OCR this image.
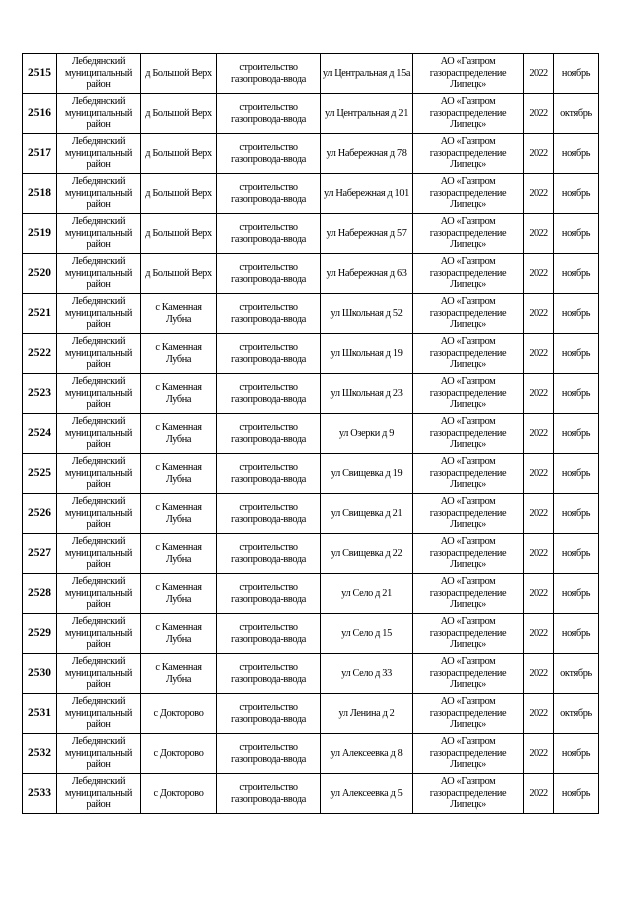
2515	Лебедянский муниципальный район	д Большой Верх	строительство газопровода-ввода	ул Центральная д 15а	АО «Газпром газораспределение Липецк»	2022	ноябрь
2516	Лебедянский муниципальный район	д Большой Верх	строительство газопровода-ввода	ул Центральная д 21	АО «Газпром газораспределение Липецк»	2022	октябрь
2517	Лебедянский муниципальный район	д Большой Верх	строительство газопровода-ввода	ул Набережная д 78	АО «Газпром газораспределение Липецк»	2022	ноябрь
2518	Лебедянский муниципальный район	д Большой Верх	строительство газопровода-ввода	ул Набережная д 101	АО «Газпром газораспределение Липецк»	2022	ноябрь
2519	Лебедянский муниципальный район	д Большой Верх	строительство газопровода-ввода	ул Набережная д 57	АО «Газпром газораспределение Липецк»	2022	ноябрь
2520	Лебедянский муниципальный район	д Большой Верх	строительство газопровода-ввода	ул Набережная д 63	АО «Газпром газораспределение Липецк»	2022	ноябрь
2521	Лебедянский муниципальный район	с Каменная Лубна	строительство газопровода-ввода	ул Школьная д 52	АО «Газпром газораспределение Липецк»	2022	ноябрь
2522	Лебедянский муниципальный район	с Каменная Лубна	строительство газопровода-ввода	ул Школьная д 19	АО «Газпром газораспределение Липецк»	2022	ноябрь
2523	Лебедянский муниципальный район	с Каменная Лубна	строительство газопровода-ввода	ул Школьная д 23	АО «Газпром газораспределение Липецк»	2022	ноябрь
2524	Лебедянский муниципальный район	с Каменная Лубна	строительство газопровода-ввода	ул Озерки д 9	АО «Газпром газораспределение Липецк»	2022	ноябрь
2525	Лебедянский муниципальный район	с Каменная Лубна	строительство газопровода-ввода	ул Свищевка д 19	АО «Газпром газораспределение Липецк»	2022	ноябрь
2526	Лебедянский муниципальный район	с Каменная Лубна	строительство газопровода-ввода	ул Свищевка д 21	АО «Газпром газораспределение Липецк»	2022	ноябрь
2527	Лебедянский муниципальный район	с Каменная Лубна	строительство газопровода-ввода	ул Свищевка д 22	АО «Газпром газораспределение Липецк»	2022	ноябрь
2528	Лебедянский муниципальный район	с Каменная Лубна	строительство газопровода-ввода	ул Село д 21	АО «Газпром газораспределение Липецк»	2022	ноябрь
2529	Лебедянский муниципальный район	с Каменная Лубна	строительство газопровода-ввода	ул Село д 15	АО «Газпром газораспределение Липецк»	2022	ноябрь
2530	Лебедянский муниципальный район	с Каменная Лубна	строительство газопровода-ввода	ул Село д 33	АО «Газпром газораспределение Липецк»	2022	октябрь
2531	Лебедянский муниципальный район	с Докторово	строительство газопровода-ввода	ул Ленина д 2	АО «Газпром газораспределение Липецк»	2022	октябрь
2532	Лебедянский муниципальный район	с Докторово	строительство газопровода-ввода	ул Алексеевка д 8	АО «Газпром газораспределение Липецк»	2022	ноябрь
2533	Лебедянский муниципальный район	с Докторово	строительство газопровода-ввода	ул Алексеевка д 5	АО «Газпром газораспределение Липецк»	2022	ноябрь
